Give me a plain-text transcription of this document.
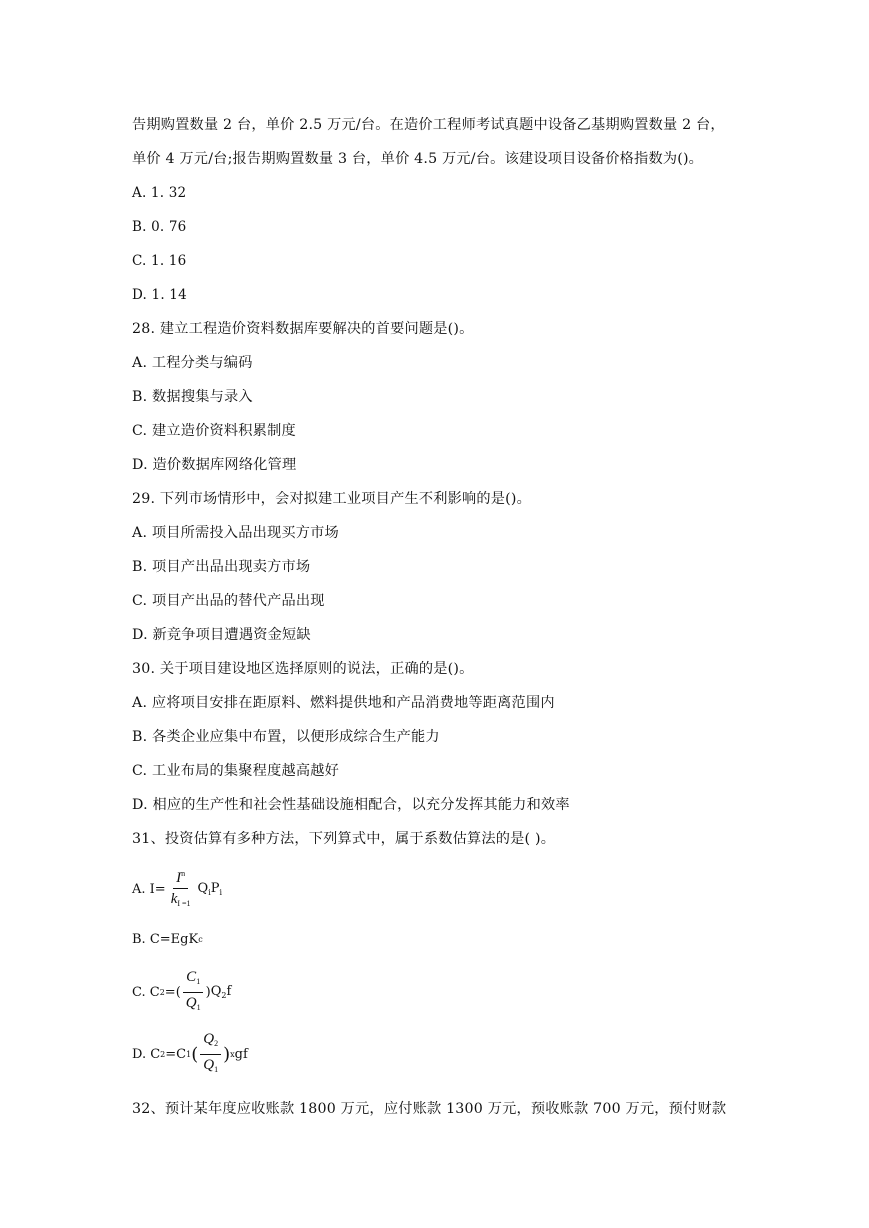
告期购置数量 2 台，单价 2.5 万元/台。在造价工程师考试真题中设备乙基期购置数量 2 台，
单价 4 万元/台;报告期购置数量 3 台，单价 4.5 万元/台。该建设项目设备价格指数为()。
A. 1. 32
B. 0. 76
C. 1. 16
D. 1. 14
28. 建立工程造价资料数据库要解决的首要问题是()。
A. 工程分类与编码
B. 数据搜集与录入
C. 建立造价资料积累制度
D. 造价数据库网络化管理
29. 下列市场情形中，会对拟建工业项目产生不利影响的是()。
A. 项目所需投入品出现买方市场
B. 项目产出品出现卖方市场
C. 项目产出品的替代产品出现
D. 新竞争项目遭遇资金短缺
30. 关于项目建设地区选择原则的说法，正确的是()。
A. 应将项目安排在距原料、燃料提供地和产品消费地等距离范围内
B. 各类企业应集中布置，以便形成综合生产能力
C. 工业布局的集聚程度越高越好
D. 相应的生产性和社会性基础设施相配合，以充分发挥其能力和效率
31、投资估算有多种方法，下列算式中，属于系数估算法的是( )。
A. $I= \frac{I^n}{k_{I =1}} Q_i$ $P_i$
B. C=EgK c
C. C 2 =( $\frac{C_1}{Q_1}$ ) $Q_2f$
D. C 2 =C 1 ( $\frac{Q_2}{Q_1}$ ) x gf
32、预计某年度应收账款 1800 万元，应付账款 1300 万元，预收账款 700 万元，预付财款
